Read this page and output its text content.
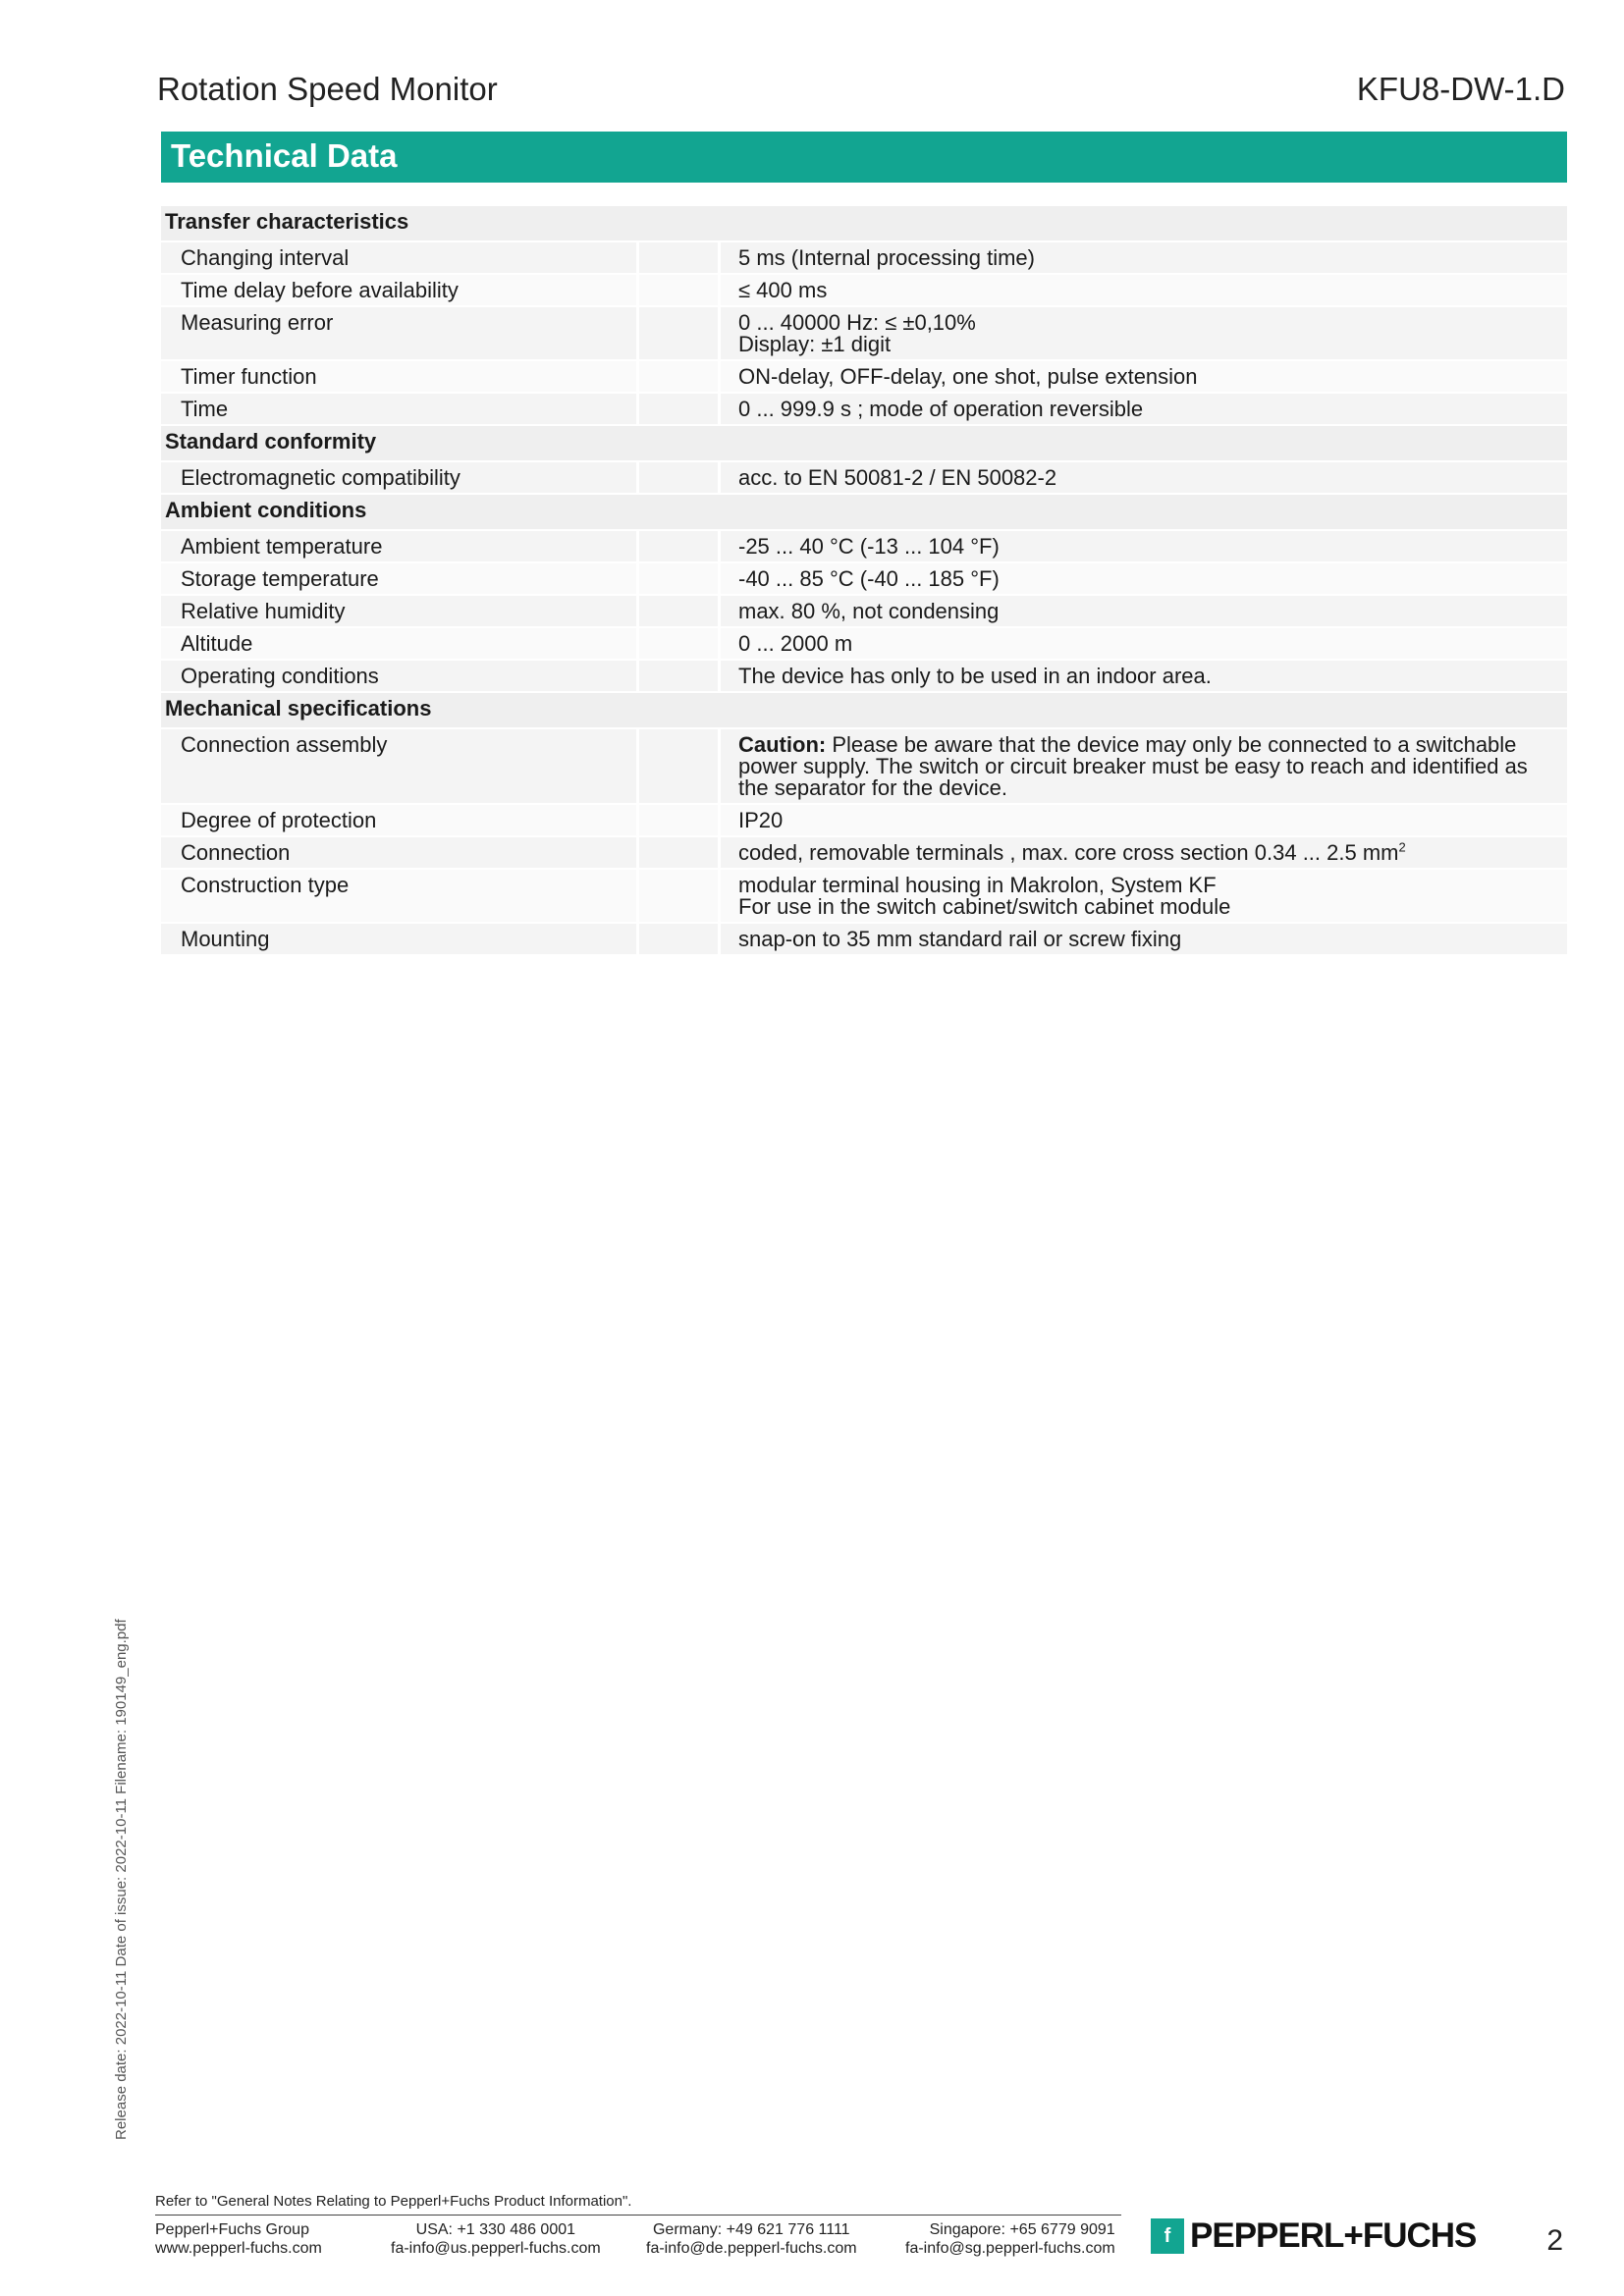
Rotation Speed Monitor	KFU8-DW-1.D
Technical Data
Transfer characteristics		
Changing interval		5 ms (Internal processing time)

Time delay before availability		≤ 400 ms

Measuring error		0 ... 40000 Hz: ≤ ±0,10%
Display: ±1 digit

Timer function		ON-delay, OFF-delay, one shot, pulse extension

Time		0 ... 999.9 s ; mode of operation reversible

Standard conformity		
Electromagnetic compatibility		acc. to EN 50081-2 / EN 50082-2

Ambient conditions		
Ambient temperature		-25 ... 40 °C (-13 ... 104 °F)

Storage temperature		-40 ... 85 °C (-40 ... 185 °F)

Relative humidity		max. 80 %, not condensing

Altitude		0 ... 2000 m

Operating conditions		The device has only to be used in an indoor area.

Mechanical specifications		
Connection assembly		Caution: Please be aware that the device may only be connected to a switchable power supply. The switch or circuit breaker must be easy to reach and identified as the separator for the device.
Degree of protection		IP20

Connection		coded, removable terminals , max. core cross section 0.34 ... 2.5 $mm^2$
Construction type		modular terminal housing in Makrolon, System KF
For use in the switch cabinet/switch cabinet module

Mounting		snap-on to 35 mm standard rail or screw fixing
Release date: 2022-10-11 Date of issue: 2022-10-11 Filename: 190149_eng.pdf
Refer to "General Notes Relating to Pepperl+Fuchs Product Information".
Pepperl+Fuchs Group
www.pepperl-fuchs.com
USA: +1 330 486 0001
fa-info@us.pepperl-fuchs.com
Germany: +49 621 776 1111
fa-info@de.pepperl-fuchs.com
Singapore: +65 6779 9091
fa-info@sg.pepperl-fuchs.com
f PEPPERL+FUCHS 2
